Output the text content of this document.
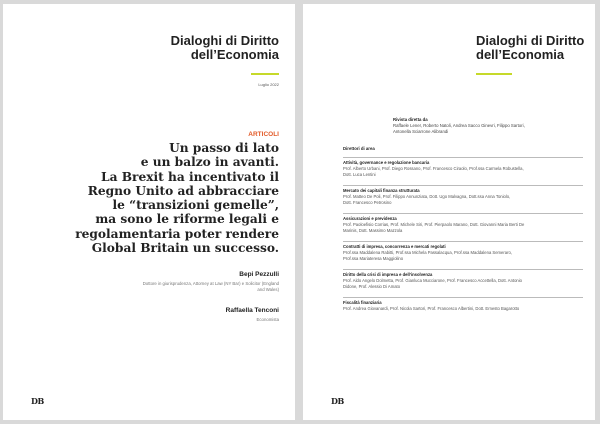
Dialoghi di Diritto
dell’Economia
Luglio 2022
ARTICOLI
Un passo di lato
e un balzo in avanti.
La Brexit ha incentivato il
Regno Unito ad abbracciare
le “transizioni gemelle”,
ma sono le riforme legali e
regolamentaria poter rendere
Global Britain un successo.
Bepi Pezzulli
Dottore in giurisprudenza, Attorney at Law (NY Bar) e Solicitor (England
and Wales)
Raffaella Tenconi
Economista
DB
Dialoghi di Diritto
dell’Economia
Rivista diretta da
Raffaele Lener, Roberto Natoli, Andrea Sacco Ginevri, Filippo Sartori,
Antonella Sciarrone Alibrandi
Direttori di area
Attività, governance e regolazione bancaria
Prof. Alberto Urbani, Prof. Diego Rossano, Prof. Francesco Ciraolo, Prof.ssa Carmela Robustella,
Dott. Luca Lentini
Mercato dei capitali finanza strutturata
Prof. Matteo De Poli, Prof. Filippo Annunziata, Dott. Ugo Malvagna, Dott.ssa Anna Toniolo,
Dott. Francesco Petrosino
Assicurazioni e previdenza
Prof. Paoloefisio Corrias, Prof. Michele Siri, Prof. Pierpaolo Marano, Dott. Giovanni Maria Berti De
Marinis, Dott. Massimo Mazzola
Contratti di impresa, concorrenza e mercati regolati
Prof.ssa Maddalena Rabitti, Prof.ssa Michela Passalacqua, Prof.ssa Maddalena Semeraro,
Prof.ssa Mariateresa Maggiolino
Diritto della crisi di impresa e dell’insolvenza
Prof. Aldo Angelo Dolmetta, Prof. Gianluca Mucciarone, Prof. Francesco Accettella, Dott. Antonio
Didone, Prof. Alessio Di Amato
Fiscalità finanziaria
Prof. Andrea Giovanardi, Prof. Nicola Sartori, Prof. Francesco Albertini, Dott. Ernesto Bagarotto
DB
